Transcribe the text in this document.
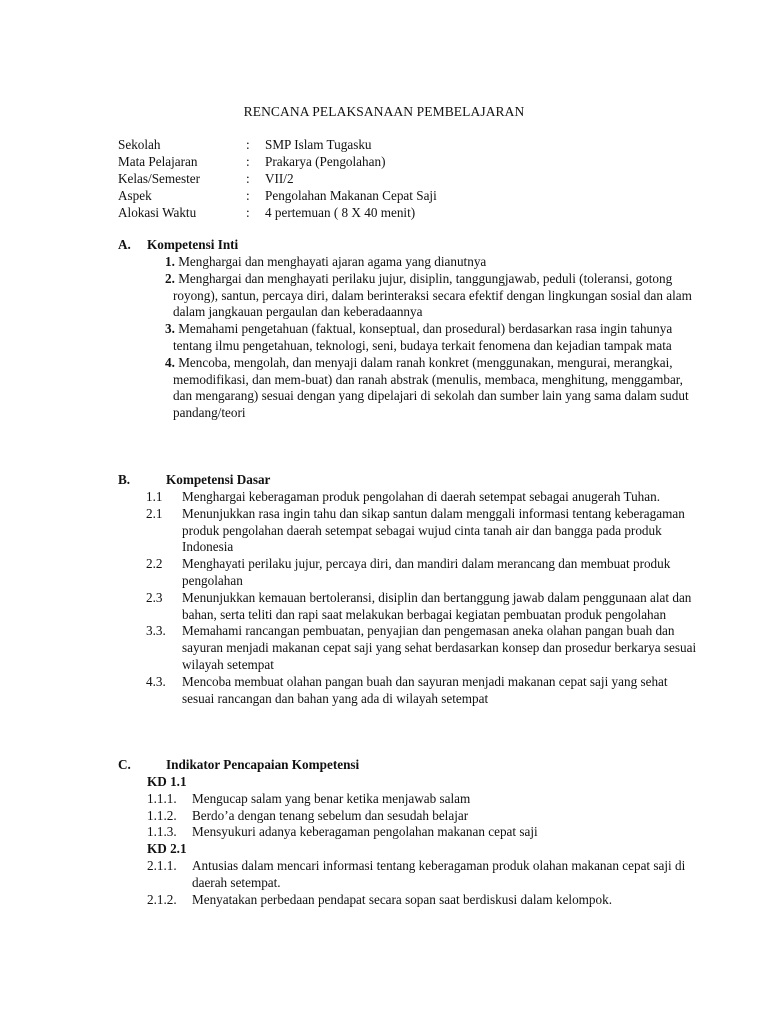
RENCANA PELAKSANAAN PEMBELAJARAN
Sekolah	: SMP Islam Tugasku
Mata Pelajaran	: Prakarya (Pengolahan)
Kelas/Semester	: VII/2
Aspek	: Pengolahan Makanan Cepat Saji
Alokasi Waktu	: 4 pertemuan ( 8 X 40 menit)
A. Kompetensi Inti
1. Menghargai dan menghayati ajaran agama yang dianutnya
2. Menghargai dan menghayati perilaku jujur, disiplin, tanggungjawab, peduli (toleransi, gotong royong), santun, percaya diri, dalam berinteraksi secara efektif dengan lingkungan sosial dan alam dalam jangkauan pergaulan dan keberadaannya
3. Memahami pengetahuan (faktual, konseptual, dan prosedural) berdasarkan rasa ingin tahunya tentang ilmu pengetahuan, teknologi, seni, budaya terkait fenomena dan kejadian tampak mata
4. Mencoba, mengolah, dan menyaji dalam ranah konkret (menggunakan, mengurai, merangkai, memodifikasi, dan mem-buat) dan ranah abstrak (menulis, membaca, menghitung, menggambar, dan mengarang) sesuai dengan yang dipelajari di sekolah dan sumber lain yang sama dalam sudut pandang/teori
B.	Kompetensi Dasar
1.1 Menghargai keberagaman produk pengolahan di daerah setempat sebagai anugerah Tuhan.
2.1 Menunjukkan rasa ingin tahu dan sikap santun dalam menggali informasi tentang keberagaman produk pengolahan daerah setempat sebagai wujud cinta tanah air dan bangga pada produk Indonesia
2.2 Menghayati perilaku jujur, percaya diri, dan mandiri dalam merancang dan membuat produk pengolahan
2.3 Menunjukkan kemauan bertoleransi, disiplin dan bertanggung jawab dalam penggunaan alat dan bahan, serta teliti dan rapi saat melakukan berbagai kegiatan pembuatan produk pengolahan
3.3. Memahami rancangan pembuatan, penyajian dan pengemasan aneka olahan pangan buah dan sayuran menjadi makanan cepat saji yang sehat berdasarkan konsep dan prosedur berkarya sesuai wilayah setempat
4.3. Mencoba membuat olahan pangan buah dan sayuran menjadi makanan cepat saji yang sehat sesuai rancangan dan bahan yang ada di wilayah setempat
C.	Indikator Pencapaian Kompetensi
KD 1.1
1.1.1. Mengucap salam yang benar ketika menjawab salam
1.1.2. Berdo’a dengan tenang sebelum dan sesudah belajar
1.1.3. Mensyukuri adanya keberagaman pengolahan makanan cepat saji
KD 2.1
2.1.1. Antusias dalam mencari informasi tentang keberagaman produk olahan makanan cepat saji di daerah setempat.
2.1.2. Menyatakan perbedaan pendapat secara sopan saat berdiskusi dalam kelompok.
